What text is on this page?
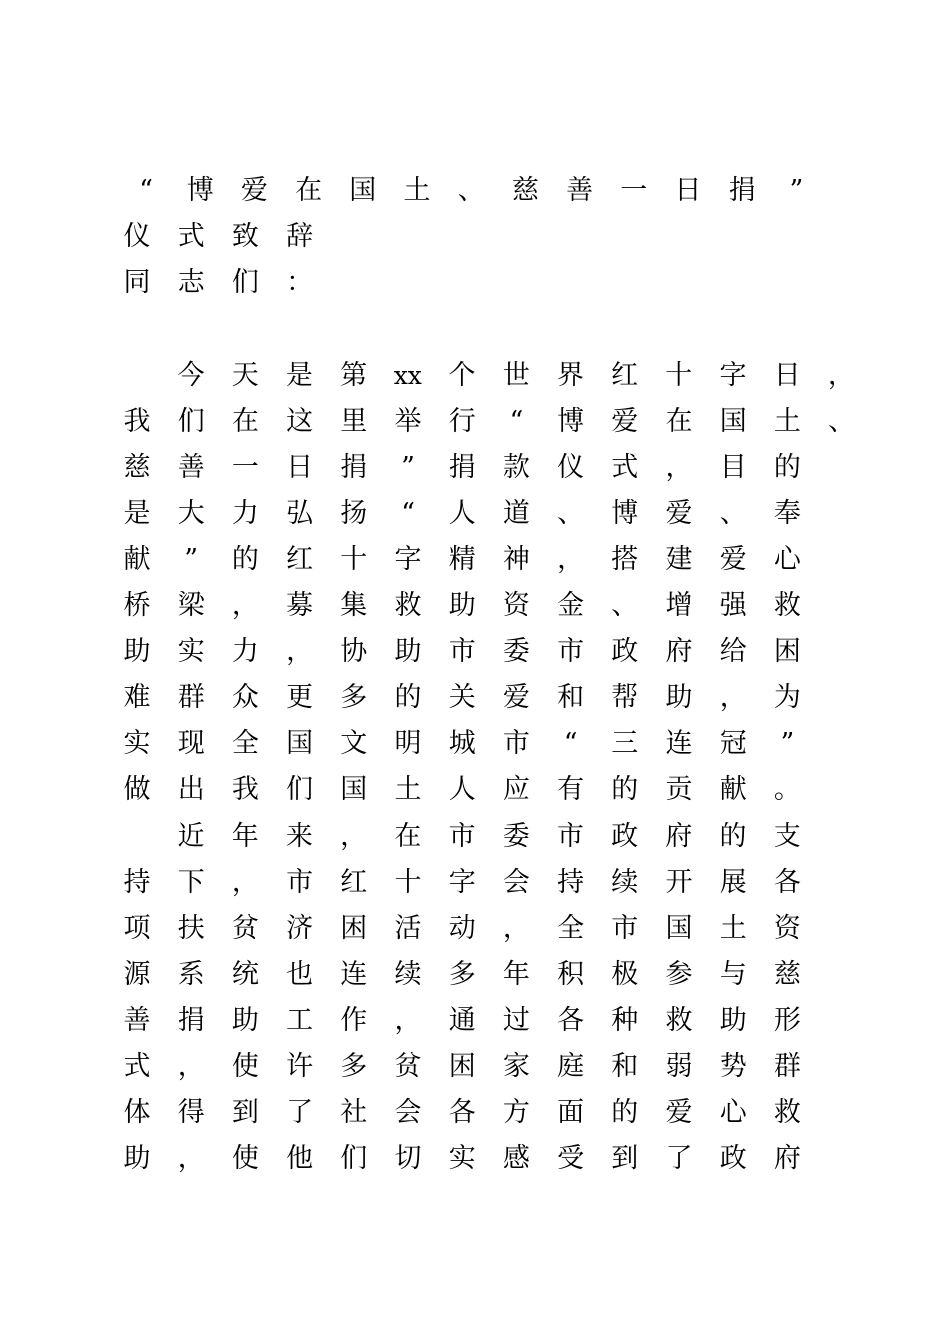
“	博 爱 在 国 土 、 慈 善 一 日 捐	”
仪 式 致 辞
同 志 们 ：
今 天 是 第 xx 个 世 界 红 十 字 日 ，
我 们 在 这 里 举 行	“	博 爱 在 国 土 、
慈 善 一 日 捐	”	捐 款 仪 式 ， 目 的
是 大 力 弘 扬	“	人 道 、 博 爱 、 奉
献	”	的 红 十 字 精 神 ， 搭 建 爱 心
桥 梁 ， 募 集 救 助 资 金 、 增 强 救
助 实 力 ， 协 助 市 委 市 政 府 给 困
难 群 众 更 多 的 关 爱 和 帮 助 ， 为
实 现 全 国 文 明 城 市	“	三 连 冠	”
做 出 我 们 国 土 人 应 有 的 贡 献 。
近 年 来 ， 在 市 委 市 政 府 的 支
持 下 ， 市 红 十 字 会 持 续 开 展 各
项 扶 贫 济 困 活 动 ， 全 市 国 土 资
源 系 统 也 连 续 多 年 积 极 参 与 慈
善 捐 助 工 作 ， 通 过 各 种 救 助 形
式 ， 使 许 多 贫 困 家 庭 和 弱 势 群
体 得 到 了 社 会 各 方 面 的 爱 心 救
助 ， 使 他 们 切 实 感 受 到 了 政 府
